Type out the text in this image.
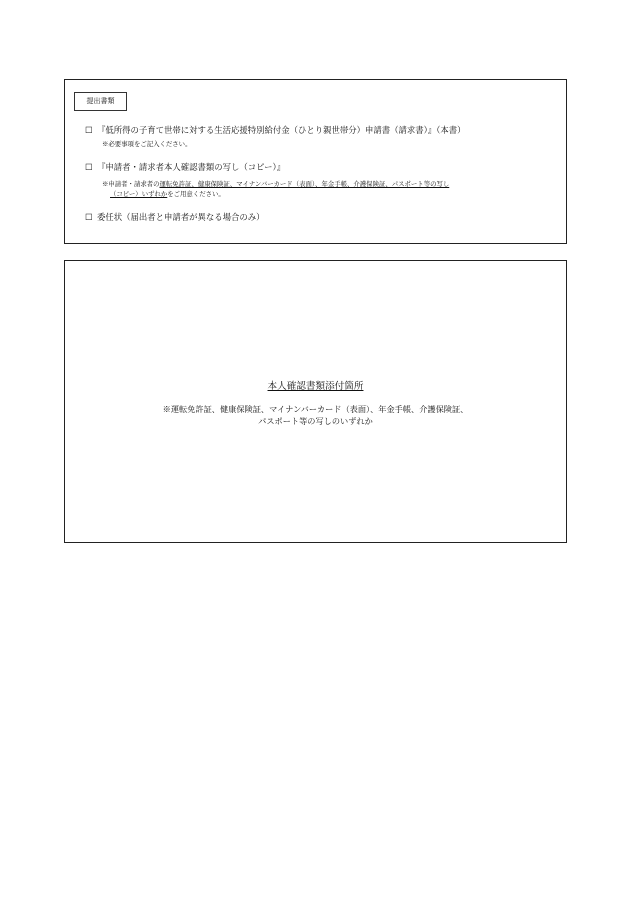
提出書類
☐ 『低所得の子育て世帯に対する生活応援特別給付金（ひとり親世帯分）申請書（請求書）』（本書）
※必要事項をご記入ください。
☐ 『申請者・請求者本人確認書類の写し（コピー）』
※申請者・請求者の運転免許証、健康保険証、マイナンバーカード（表面）、年金手帳、介護保険証、パスポート等の写し
（コピー）いずれかをご用意ください。
☐ 委任状（届出者と申請者が異なる場合のみ）
本人確認書類添付箇所
※運転免許証、健康保険証、マイナンバーカード（表面）、年金手帳、介護保険証、
パスポート等の写しのいずれか
